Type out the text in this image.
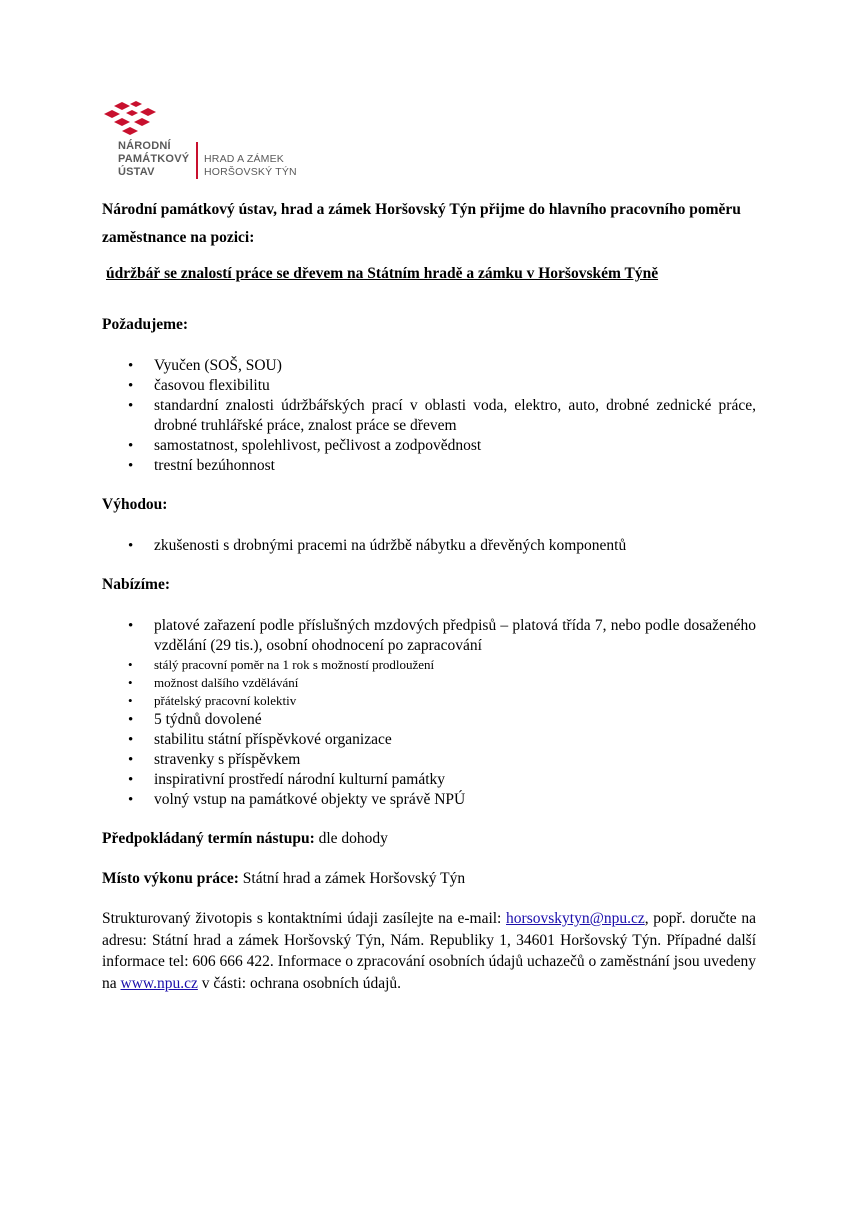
NÁRODNÍ
PAMÁTKOVÝ
ÚSTAV
HRAD A ZÁMEK
HORŠOVSKÝ TÝN
Národní památkový ústav, hrad a zámek Horšovský Týn přijme do hlavního pracovního poměru zaměstnance na pozici:
údržbář se znalostí práce se dřevem na Státním hradě a zámku v Horšovském Týně
Požadujeme:
• Vyučen (SOŠ, SOU)
• časovou flexibilitu
• standardní znalosti údržbářských prací v oblasti voda, elektro, auto, drobné zednické práce, drobné truhlářské práce, znalost práce se dřevem
• samostatnost, spolehlivost, pečlivost a zodpovědnost
• trestní bezúhonnost
Výhodou:
• zkušenosti s drobnými pracemi na údržbě nábytku a dřevěných komponentů
Nabízíme:
• platové zařazení podle příslušných mzdových předpisů – platová třída 7, nebo podle dosaženého vzdělání (29 tis.), osobní ohodnocení po zapracování
• stálý pracovní poměr na 1 rok s možností prodloužení
• možnost dalšího vzdělávání
• přátelský pracovní kolektiv
• 5 týdnů dovolené
• stabilitu státní příspěvkové organizace
• stravenky s příspěvkem
• inspirativní prostředí národní kulturní památky
• volný vstup na památkové objekty ve správě NPÚ
Předpokládaný termín nástupu: dle dohody
Místo výkonu práce: Státní hrad a zámek Horšovský Týn
Strukturovaný životopis s kontaktními údaji zasílejte na e-mail: horsovskytyn@npu.cz, popř. doručte na adresu: Státní hrad a zámek Horšovský Týn, Nám. Republiky 1, 34601 Horšovský Týn. Případné další informace tel: 606 666 422. Informace o zpracování osobních údajů uchazečů o zaměstnání jsou uvedeny na www.npu.cz v části: ochrana osobních údajů.
